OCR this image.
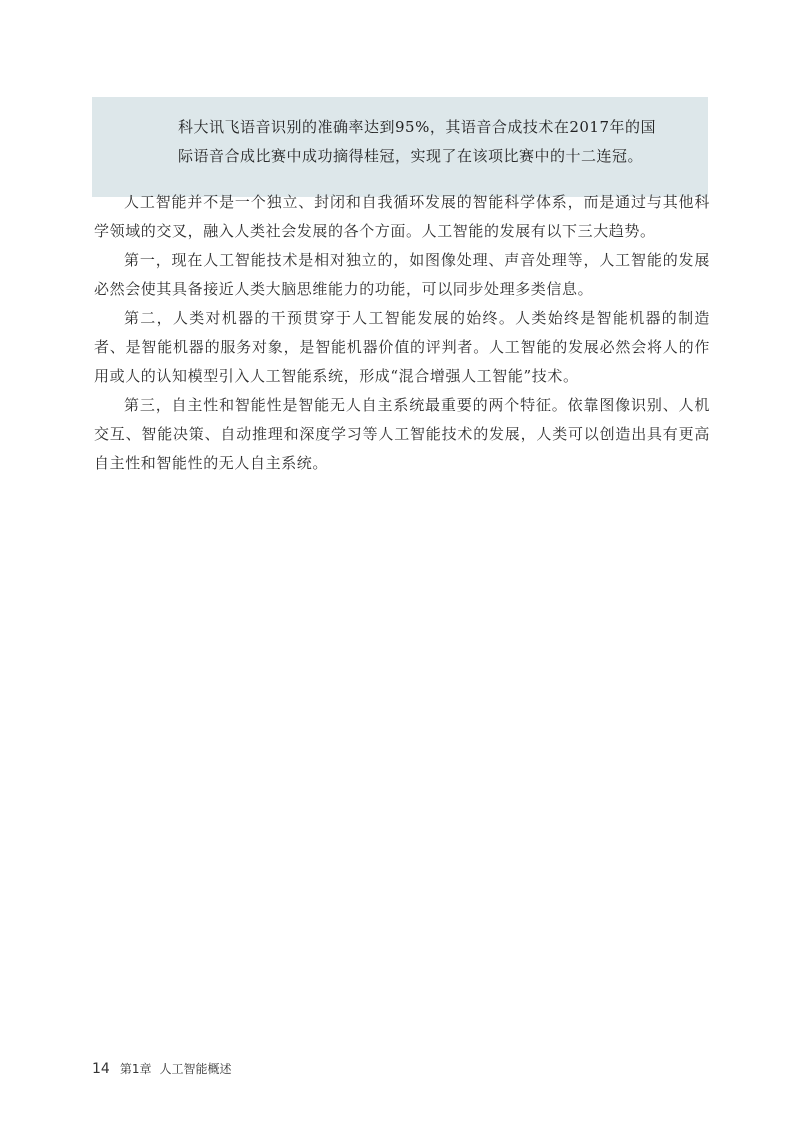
科大讯飞语音识别的准确率达到95%，其语音合成技术在2017年的国

际语音合成比赛中成功摘得桂冠，实现了在该项比赛中的十二连冠。

人工智能并不是一个独立、封闭和自我循环发展的智能科学体系，而是通过与其他科学领域的交叉，融入人类社会发展的各个方面。人工智能的发展有以下三大趋势。

第一，现在人工智能技术是相对独立的，如图像处理、声音处理等，人工智能的发展必然会使其具备接近人类大脑思维能力的功能，可以同步处理多类信息。

第二，人类对机器的干预贯穿于人工智能发展的始终。人类始终是智能机器的制造者、是智能机器的服务对象，是智能机器价值的评判者。人工智能的发展必然会将人的作用或人的认知模型引入人工智能系统，形成“混合增强人工智能”技术。

第三，自主性和智能性是智能无人自主系统最重要的两个特征。依靠图像识别、人机交互、智能决策、自动推理和深度学习等人工智能技术的发展，人类可以创造出具有更高自主性和智能性的无人自主系统。

14 第1章 人工智能概述
